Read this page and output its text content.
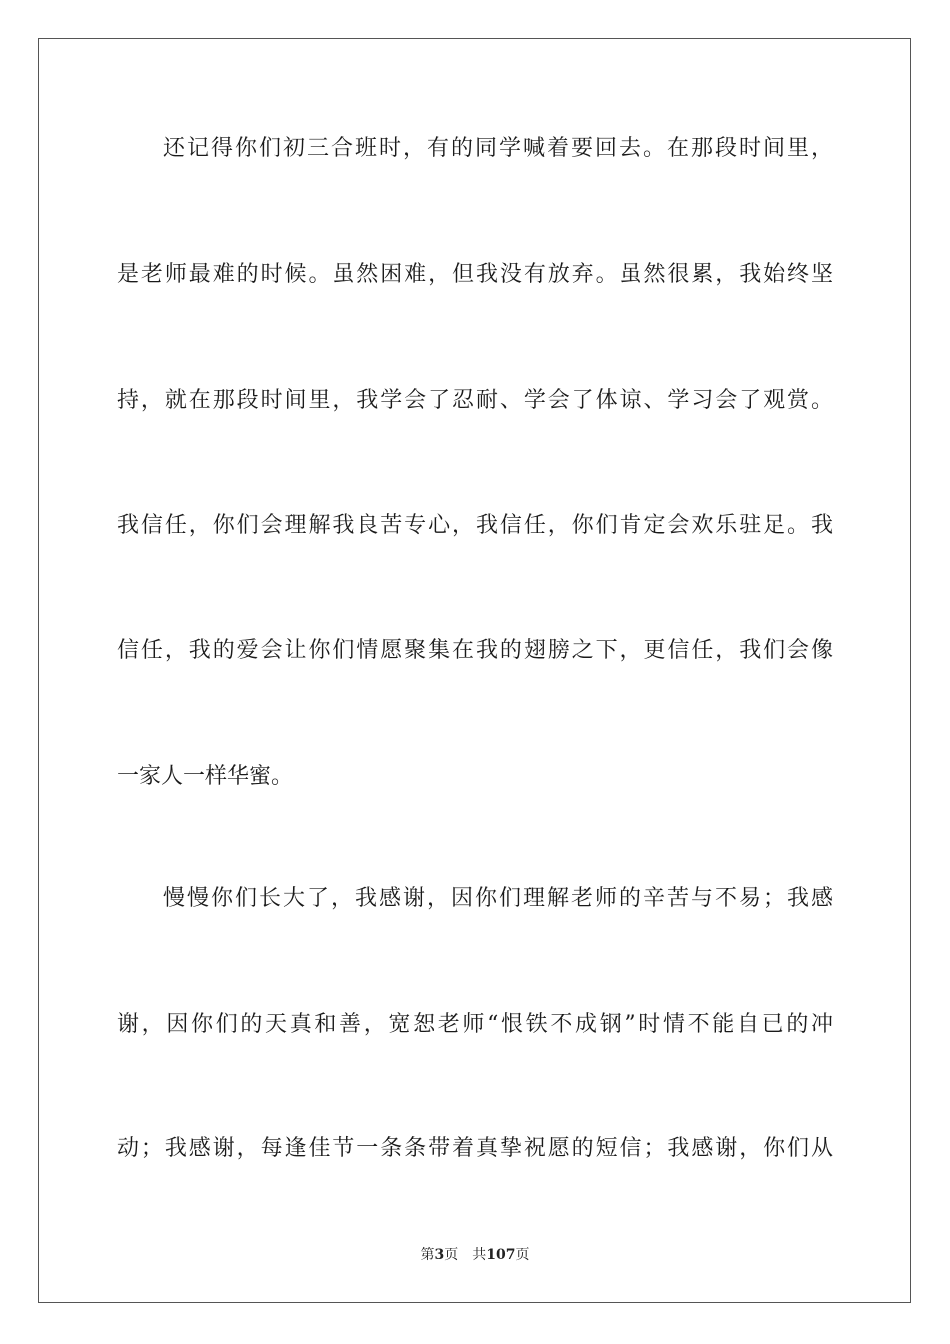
还记得你们初三合班时，有的同学喊着要回去。在那段时间里，
是老师最难的时候。虽然困难，但我没有放弃。虽然很累，我始终坚
持，就在那段时间里，我学会了忍耐、学会了体谅、学习会了观赏。
我信任，你们会理解我良苦专心，我信任，你们肯定会欢乐驻足。我
信任，我的爱会让你们情愿聚集在我的翅膀之下，更信任，我们会像
一家人一样华蜜。
慢慢你们长大了，我感谢，因你们理解老师的辛苦与不易；我感
谢，因你们的天真和善，宽恕老师“恨铁不成钢”时情不能自已的冲
动；我感谢，每逢佳节一条条带着真挚祝愿的短信；我感谢，你们从
第3页 共107页
